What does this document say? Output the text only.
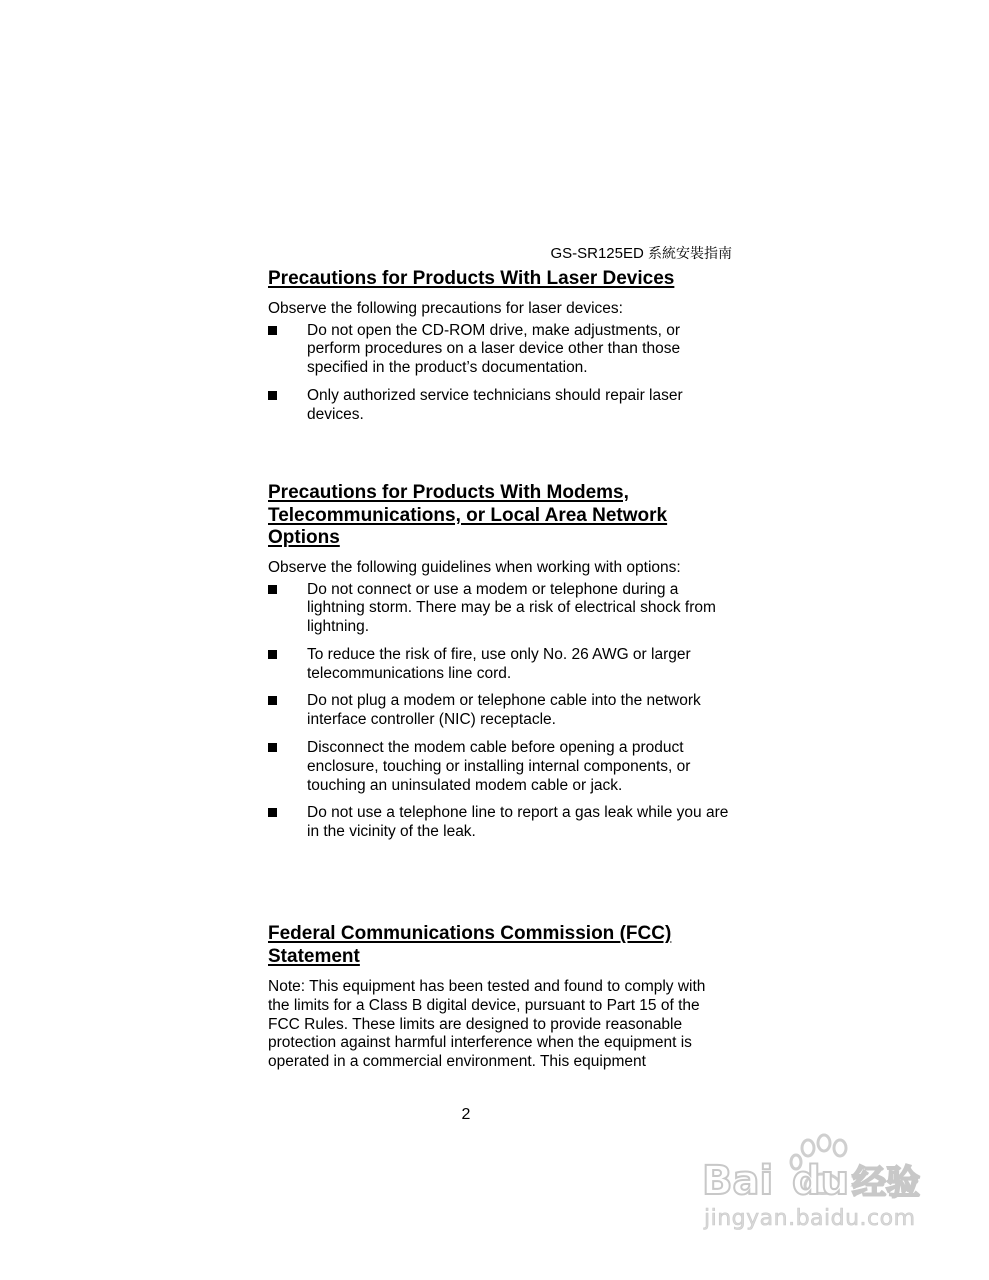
GS-SR125ED 系統安裝指南
Precautions for Products With Laser Devices

Observe the following precautions for laser devices:

Do not open the CD-ROM drive, make adjustments, or perform procedures on a laser device other than those specified in the product’s documentation.
Only authorized service technicians should repair laser devices.
Precautions for Products With Modems,
Telecommunications, or Local Area Network
Options

Observe the following guidelines when working with options:

Do not connect or use a modem or telephone during a lightning storm. There may be a risk of electrical shock from lightning.
To reduce the risk of fire, use only No. 26 AWG or larger telecommunications line cord.
Do not plug a modem or telephone cable into the network interface controller (NIC) receptacle.
Disconnect the modem cable before opening a product enclosure, touching or installing internal components, or touching an uninsulated modem cable or jack.
Do not use a telephone line to report a gas leak while you are in the vicinity of the leak.
Federal Communications Commission (FCC)
Statement

Note: This equipment has been tested and found to comply with the limits for a Class B digital device, pursuant to Part 15 of the FCC Rules. These limits are designed to provide reasonable protection against harmful interference when the equipment is operated in a commercial environment. This equipment

2
Bai du 经验
jingyan.baidu.com
